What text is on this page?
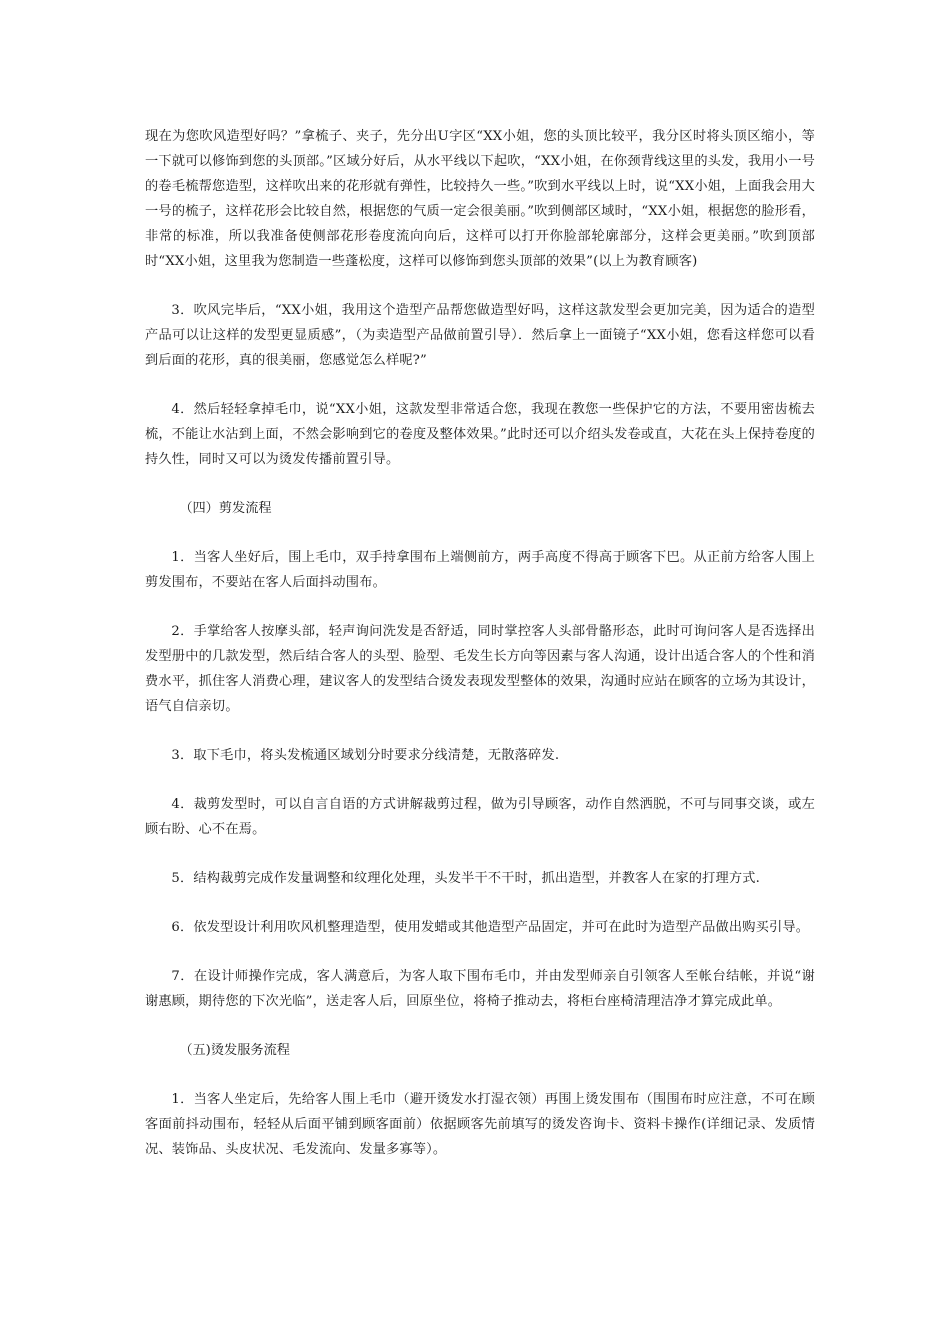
现在为您吹风造型好吗？”拿梳子、夹子，先分出U字区“XX小姐，您的头顶比较平，我分区时将头顶区缩小，等一下就可以修饰到您的头顶部。”区域分好后，从水平线以下起吹，“XX小姐，在你颈背线这里的头发，我用小一号的卷毛梳帮您造型，这样吹出来的花形就有弹性，比较持久一些。”吹到水平线以上时，说“XX小姐，上面我会用大一号的梳子，这样花形会比较自然，根据您的气质一定会很美丽。”吹到侧部区域时，“XX小姐，根据您的脸形看，非常的标准，所以我准备使侧部花形卷度流向向后，这样可以打开你脸部轮廓部分，这样会更美丽。”吹到顶部时“XX小姐，这里我为您制造一些蓬松度，这样可以修饰到您头顶部的效果”(以上为教育顾客)

3．吹风完毕后，“XX小姐，我用这个造型产品帮您做造型好吗，这样这款发型会更加完美，因为适合的造型产品可以让这样的发型更显质感”，（为卖造型产品做前置引导）．然后拿上一面镜子“XX小姐，您看这样您可以看到后面的花形，真的很美丽，您感觉怎么样呢?”

4．然后轻轻拿掉毛巾，说“XX小姐，这款发型非常适合您，我现在教您一些保护它的方法，不要用密齿梳去梳，不能让水沾到上面，不然会影响到它的卷度及整体效果。”此时还可以介绍头发卷或直，大花在头上保持卷度的持久性，同时又可以为烫发传播前置引导。

（四）剪发流程

1．当客人坐好后，围上毛巾，双手持拿围布上端侧前方，两手高度不得高于顾客下巴。从正前方给客人围上剪发围布，不要站在客人后面抖动围布。

2．手掌给客人按摩头部，轻声询问洗发是否舒适，同时掌控客人头部骨骼形态，此时可询问客人是否选择出发型册中的几款发型，然后结合客人的头型、脸型、毛发生长方向等因素与客人沟通，设计出适合客人的个性和消费水平，抓住客人消费心理，建议客人的发型结合烫发表现发型整体的效果，沟通时应站在顾客的立场为其设计，语气自信亲切。

3．取下毛巾，将头发梳通区域划分时要求分线清楚，无散落碎发.

4．裁剪发型时，可以自言自语的方式讲解裁剪过程，做为引导顾客，动作自然洒脱，不可与同事交谈，或左顾右盼、心不在焉。

5．结构裁剪完成作发量调整和纹理化处理，头发半干不干时，抓出造型，并教客人在家的打理方式.

6．依发型设计利用吹风机整理造型，使用发蜡或其他造型产品固定，并可在此时为造型产品做出购买引导。

7．在设计师操作完成，客人满意后，为客人取下围布毛巾，并由发型师亲自引领客人至帐台结帐，并说“谢谢惠顾，期待您的下次光临”，送走客人后，回原坐位，将椅子推动去，将柜台座椅清理洁净才算完成此单。

（五)烫发服务流程

1．当客人坐定后，先给客人围上毛巾（避开烫发水打湿衣领）再围上烫发围布（围围布时应注意，不可在顾客面前抖动围布，轻轻从后面平铺到顾客面前）依据顾客先前填写的烫发咨询卡、资料卡操作(详细记录、发质情况、装饰品、头皮状况、毛发流向、发量多寡等）。
